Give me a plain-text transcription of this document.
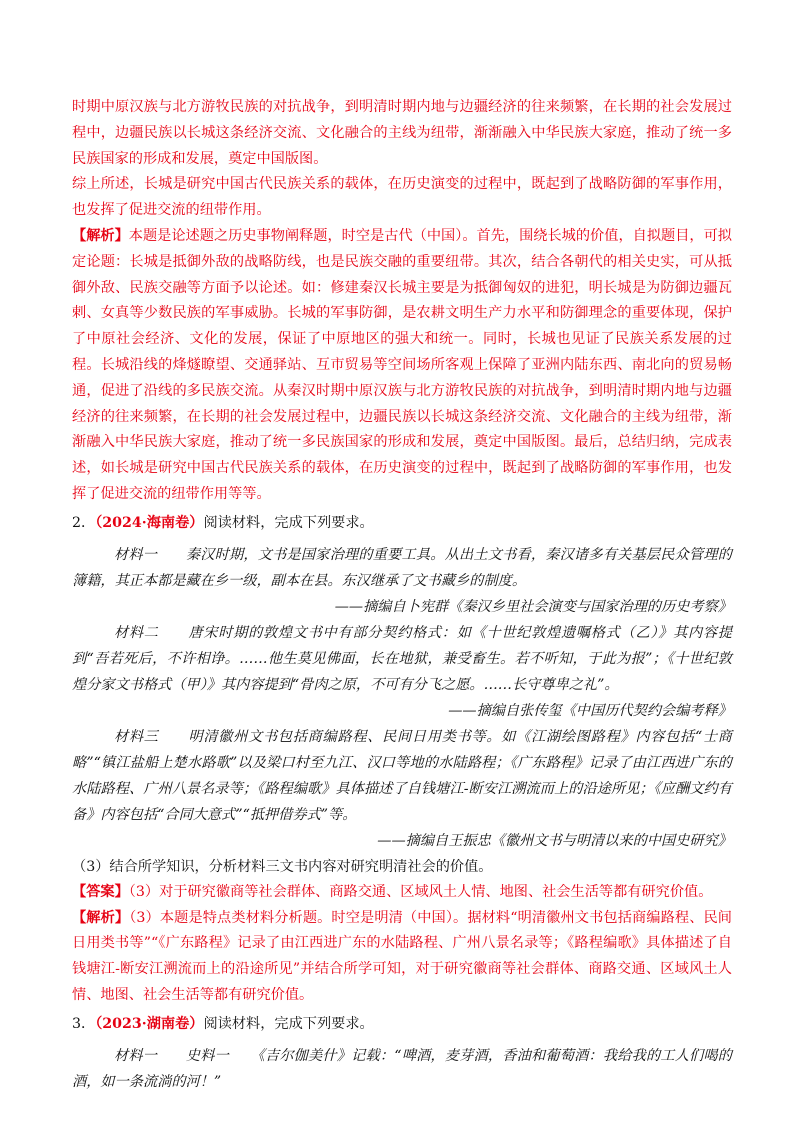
时期中原汉族与北方游牧民族的对抗战争，到明清时期内地与边疆经济的往来频繁，在长期的社会发展过程中，边疆民族以长城这条经济交流、文化融合的主线为纽带，渐渐融入中华民族大家庭，推动了统一多民族国家的形成和发展，奠定中国版图。

综上所述，长城是研究中国古代民族关系的载体，在历史演变的过程中，既起到了战略防御的军事作用，也发挥了促进交流的纽带作用。

【解析】本题是论述题之历史事物阐释题，时空是古代（中国）。首先，围绕长城的价值，自拟题目，可拟定论题：长城是抵御外敌的战略防线，也是民族交融的重要纽带。其次，结合各朝代的相关史实，可从抵御外敌、民族交融等方面予以论述。如：修建秦汉长城主要是为抵御匈奴的进犯，明长城是为防御边疆瓦剌、女真等少数民族的军事威胁。长城的军事防御，是农耕文明生产力水平和防御理念的重要体现，保护了中原社会经济、文化的发展，保证了中原地区的强大和统一。同时，长城也见证了民族关系发展的过程。长城沿线的烽燧瞭望、交通驿站、互市贸易等空间场所客观上保障了亚洲内陆东西、南北向的贸易畅通，促进了沿线的多民族交流。从秦汉时期中原汉族与北方游牧民族的对抗战争，到明清时期内地与边疆经济的往来频繁，在长期的社会发展过程中，边疆民族以长城这条经济交流、文化融合的主线为纽带，渐渐融入中华民族大家庭，推动了统一多民族国家的形成和发展，奠定中国版图。最后，总结归纳，完成表述，如长城是研究中国古代民族关系的载体，在历史演变的过程中，既起到了战略防御的军事作用，也发挥了促进交流的纽带作用等等。

2．（2024·海南卷）阅读材料，完成下列要求。

材料一　　秦汉时期，文书是国家治理的重要工具。从出土文书看，秦汉诸多有关基层民众管理的簿籍，其正本都是藏在乡一级，副本在县。东汉继承了文书藏乡的制度。

——摘编自卜宪群《秦汉乡里社会演变与国家治理的历史考察》

材料二　　唐宋时期的敦煌文书中有部分契约格式：如《十世纪敦煌遗嘱格式（乙）》其内容提到“吾若死后，不许相诤。……他生莫见佛面，长在地狱，兼受畜生。若不听知，于此为报”；《十世纪敦煌分家文书格式（甲）》其内容提到“骨肉之原，不可有分飞之愿。……长守尊卑之礼”。

——摘编自张传玺《中国历代契约会编考释》

材料三　　明清徽州文书包括商编路程、民间日用类书等。如《江湖绘图路程》内容包括“士商略”“镇江盐船上楚水路歌”以及梁口村至九江、汉口等地的水陆路程；《广东路程》记录了由江西进广东的水陆路程、广州八景名录等；《路程编歌》具体描述了自钱塘江-断安江溯流而上的沿途所见；《应酬文约有备》内容包括“合同大意式”“抵押借券式”等。

——摘编自王振忠《徽州文书与明清以来的中国史研究》

（3）结合所学知识，分析材料三文书内容对研究明清社会的价值。

【答案】（3）对于研究徽商等社会群体、商路交通、区域风土人情、地图、社会生活等都有研究价值。

【解析】（3）本题是特点类材料分析题。时空是明清（中国）。据材料“明清徽州文书包括商编路程、民间日用类书等”“《广东路程》记录了由江西进广东的水陆路程、广州八景名录等；《路程编歌》具体描述了自钱塘江-断安江溯流而上的沿途所见”并结合所学可知，对于研究徽商等社会群体、商路交通、区域风土人情、地图、社会生活等都有研究价值。

3．（2023·湖南卷）阅读材料，完成下列要求。

材料一　　史料一　　《吉尔伽美什》记载：“啤酒，麦芽酒，香油和葡萄酒：我给我的工人们喝的酒，如一条流淌的河！”
